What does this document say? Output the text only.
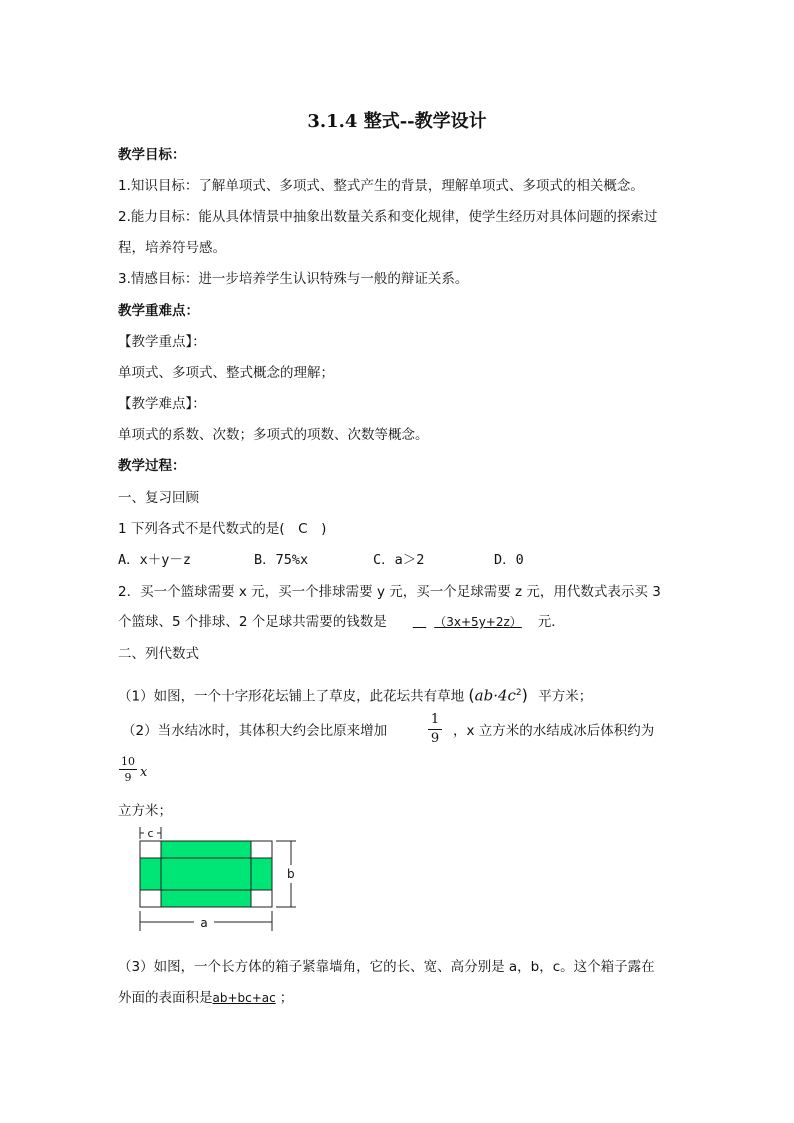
3.1.4 整式--教学设计
教学目标：
1.知识目标：了解单项式、多项式、整式产生的背景，理解单项式、多项式的相关概念。
2.能力目标：能从具体情景中抽象出数量关系和变化规律，使学生经历对具体问题的探索过
程，培养符号感。
3.情感目标：进一步培养学生认识特殊与一般的辩证关系。
教学重难点：
【教学重点】：
单项式、多项式、整式概念的理解；
【教学难点】：
单项式的系数、次数；多项式的项数、次数等概念。
教学过程：
一、复习回顾
1 下列各式不是代数式的是(　C　)
A．x＋y－z	B．75%x	C．a＞2	D．0
2．买一个篮球需要 x 元，买一个排球需要 y 元，买一个足球需要 z 元，用代数式表示买 3
个篮球、5 个排球、2 个足球共需要的钱数是　	（3x+5y+2z） 元．
二、列代数式
（1）如图，一个十字形花坛铺上了草皮，此花坛共有草地 $(ab\cdot 4c^2)$ 平方米；
（2）当水结冰时，其体积大约会比原来增加
1
9 ，x 立方米的水结成冰后体积约为
10
9 x
立方米；
c
b
a
（3）如图，一个长方体的箱子紧靠墙角，它的长、宽、高分别是 a，b，c。这个箱子露在
外面的表面积是ab+bc+ac ；
